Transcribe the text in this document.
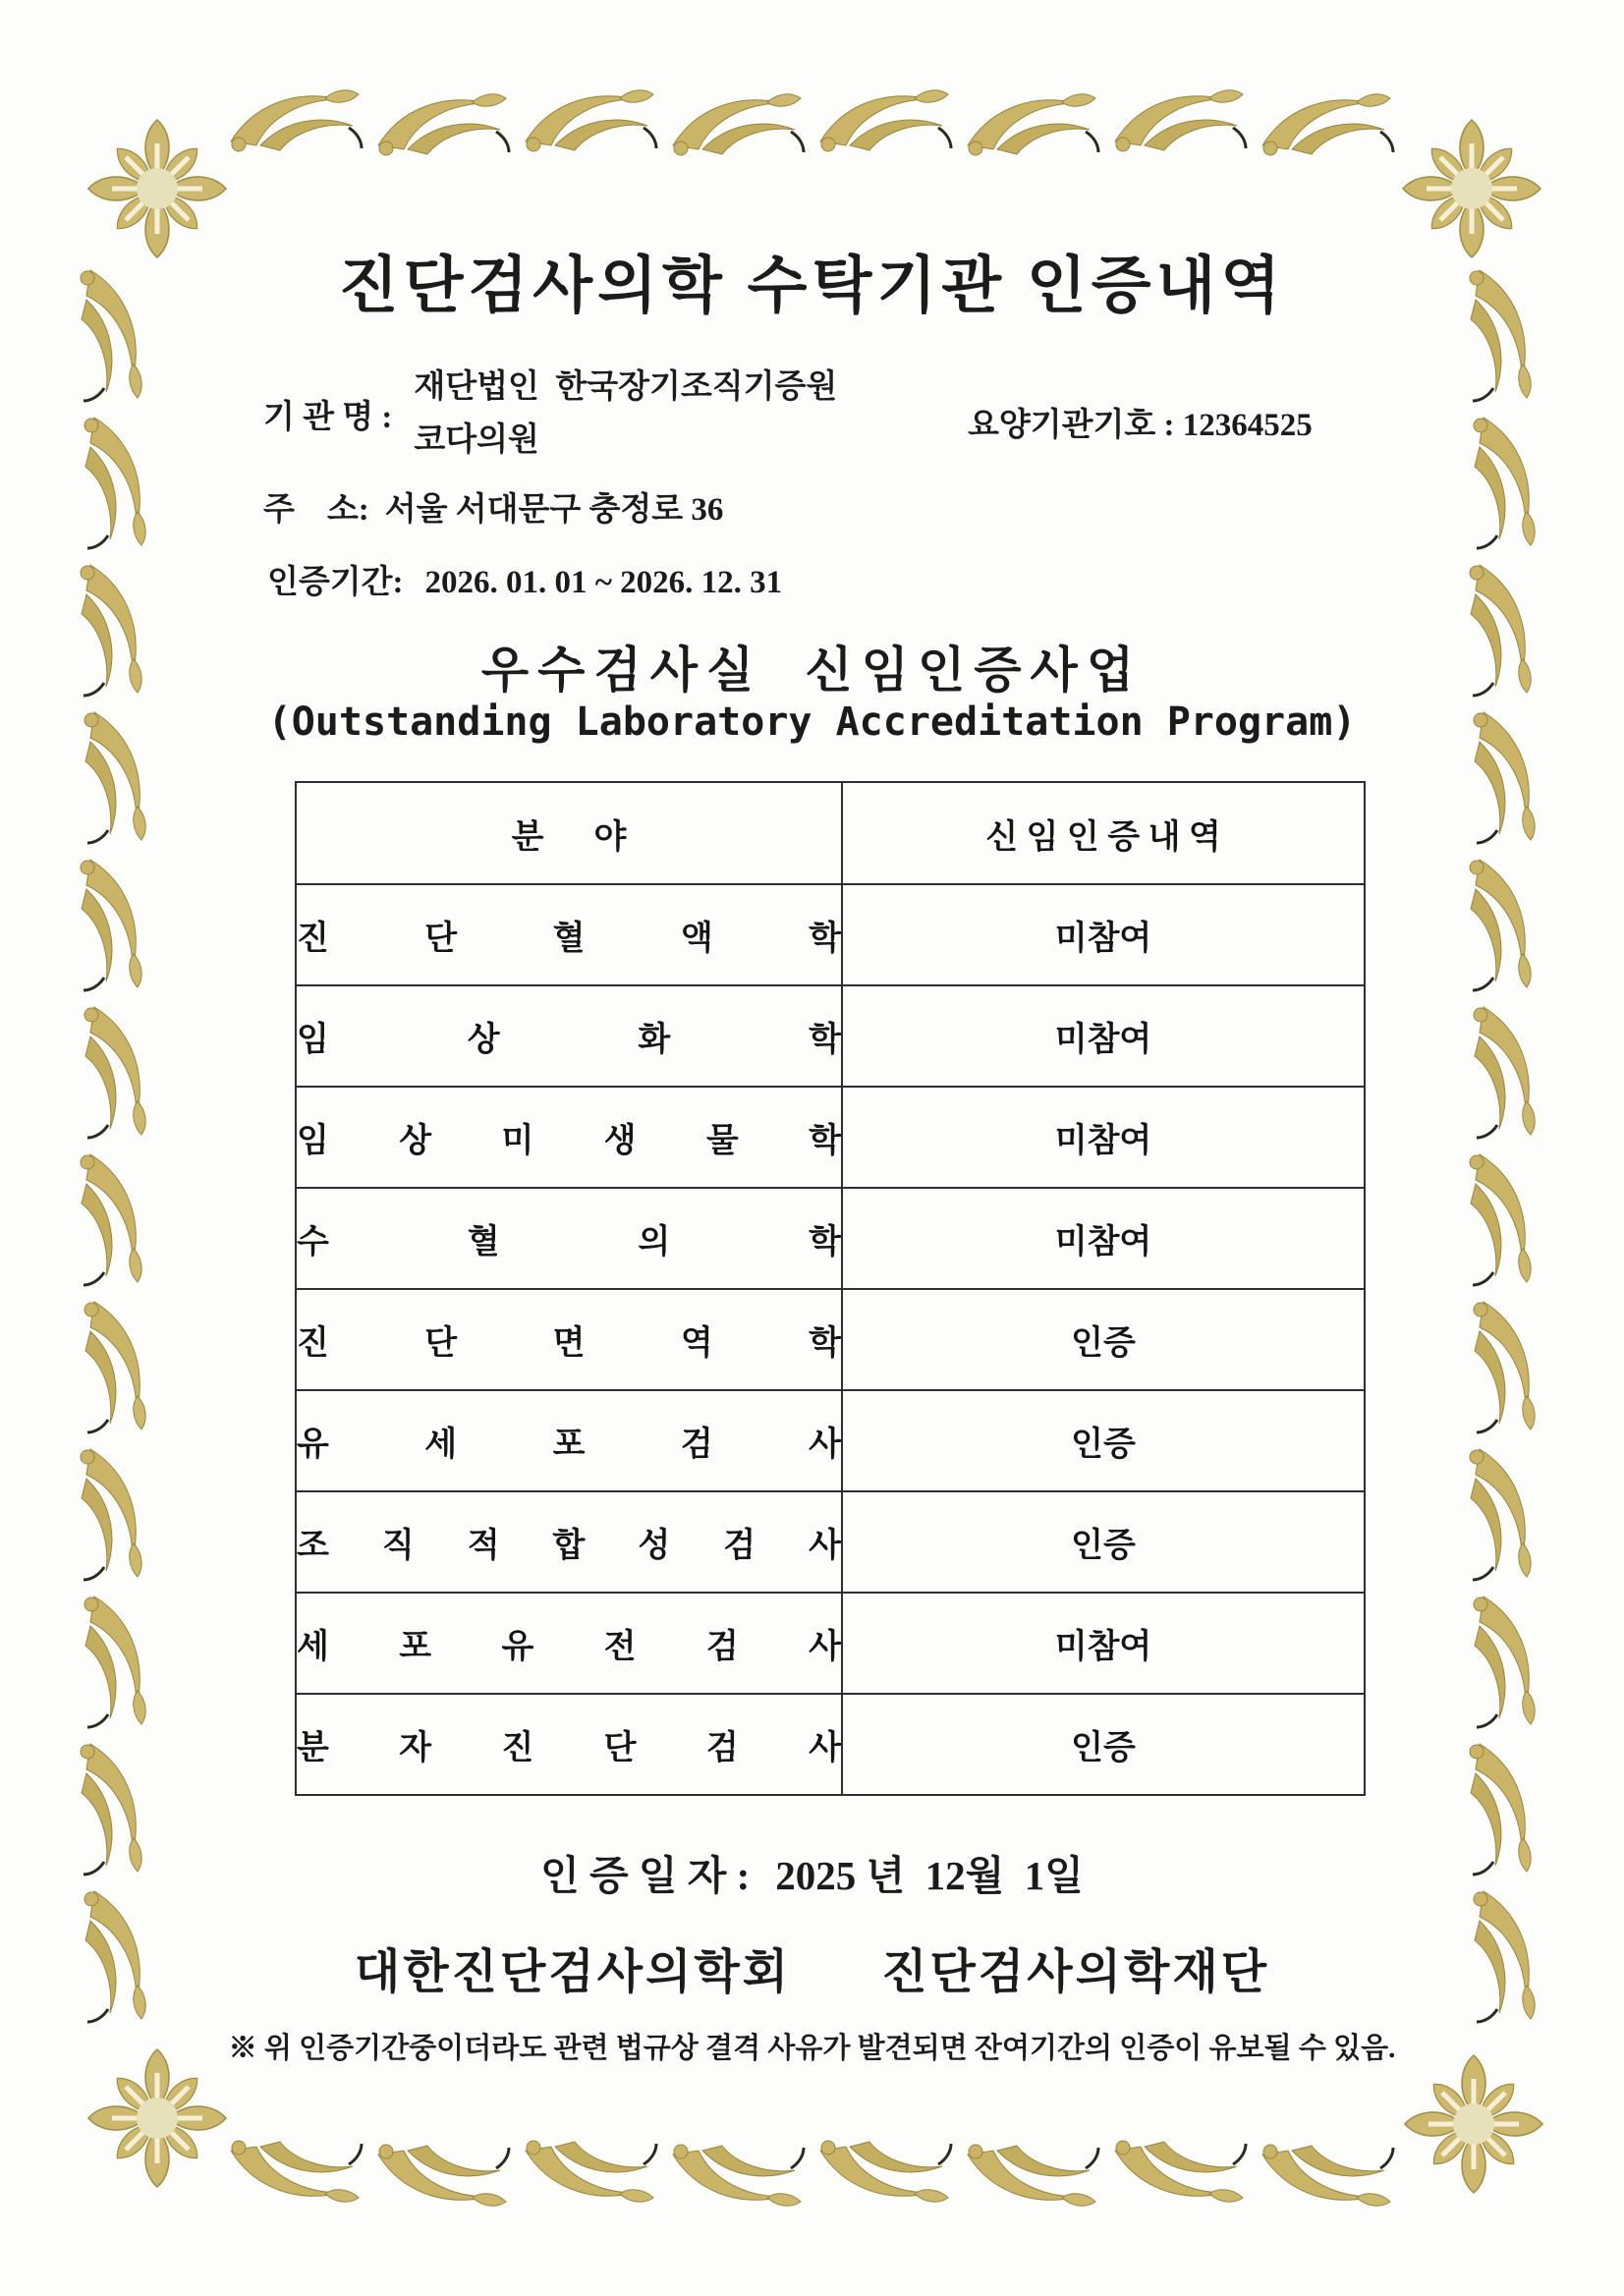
진단검사의학 수탁기관 인증내역
기 관 명 :
재단법인  한국장기조직기증원
코다의원	요양기관기호 : 12364525
주    소: 서울 서대문구 충정로 36
인증기간: 2026. 01. 01 ~ 2026. 12. 31
우수검사실  신임인증사업
(Outstanding Laboratory Accreditation Program)
분      야	신 임 인 증 내 역

진 단 혈 액 학	미참여

임 상 화 학	미참여

임 상 미 생 물 학	미참여

수 혈 의 학	미참여

진 단 면 역 학	인증

유 세 포 검 사	인증

조 직 적 합 성 검 사	인증

세 포 유 전 검 사	미참여

분 자 진 단 검 사	인증
인 증 일 자 : 2025 년  12월  1일
대한진단검사의학회 진단검사의학재단
※ 위 인증기간중이더라도 관련 법규상 결격 사유가 발견되면 잔여기간의 인증이 유보될 수 있음.
